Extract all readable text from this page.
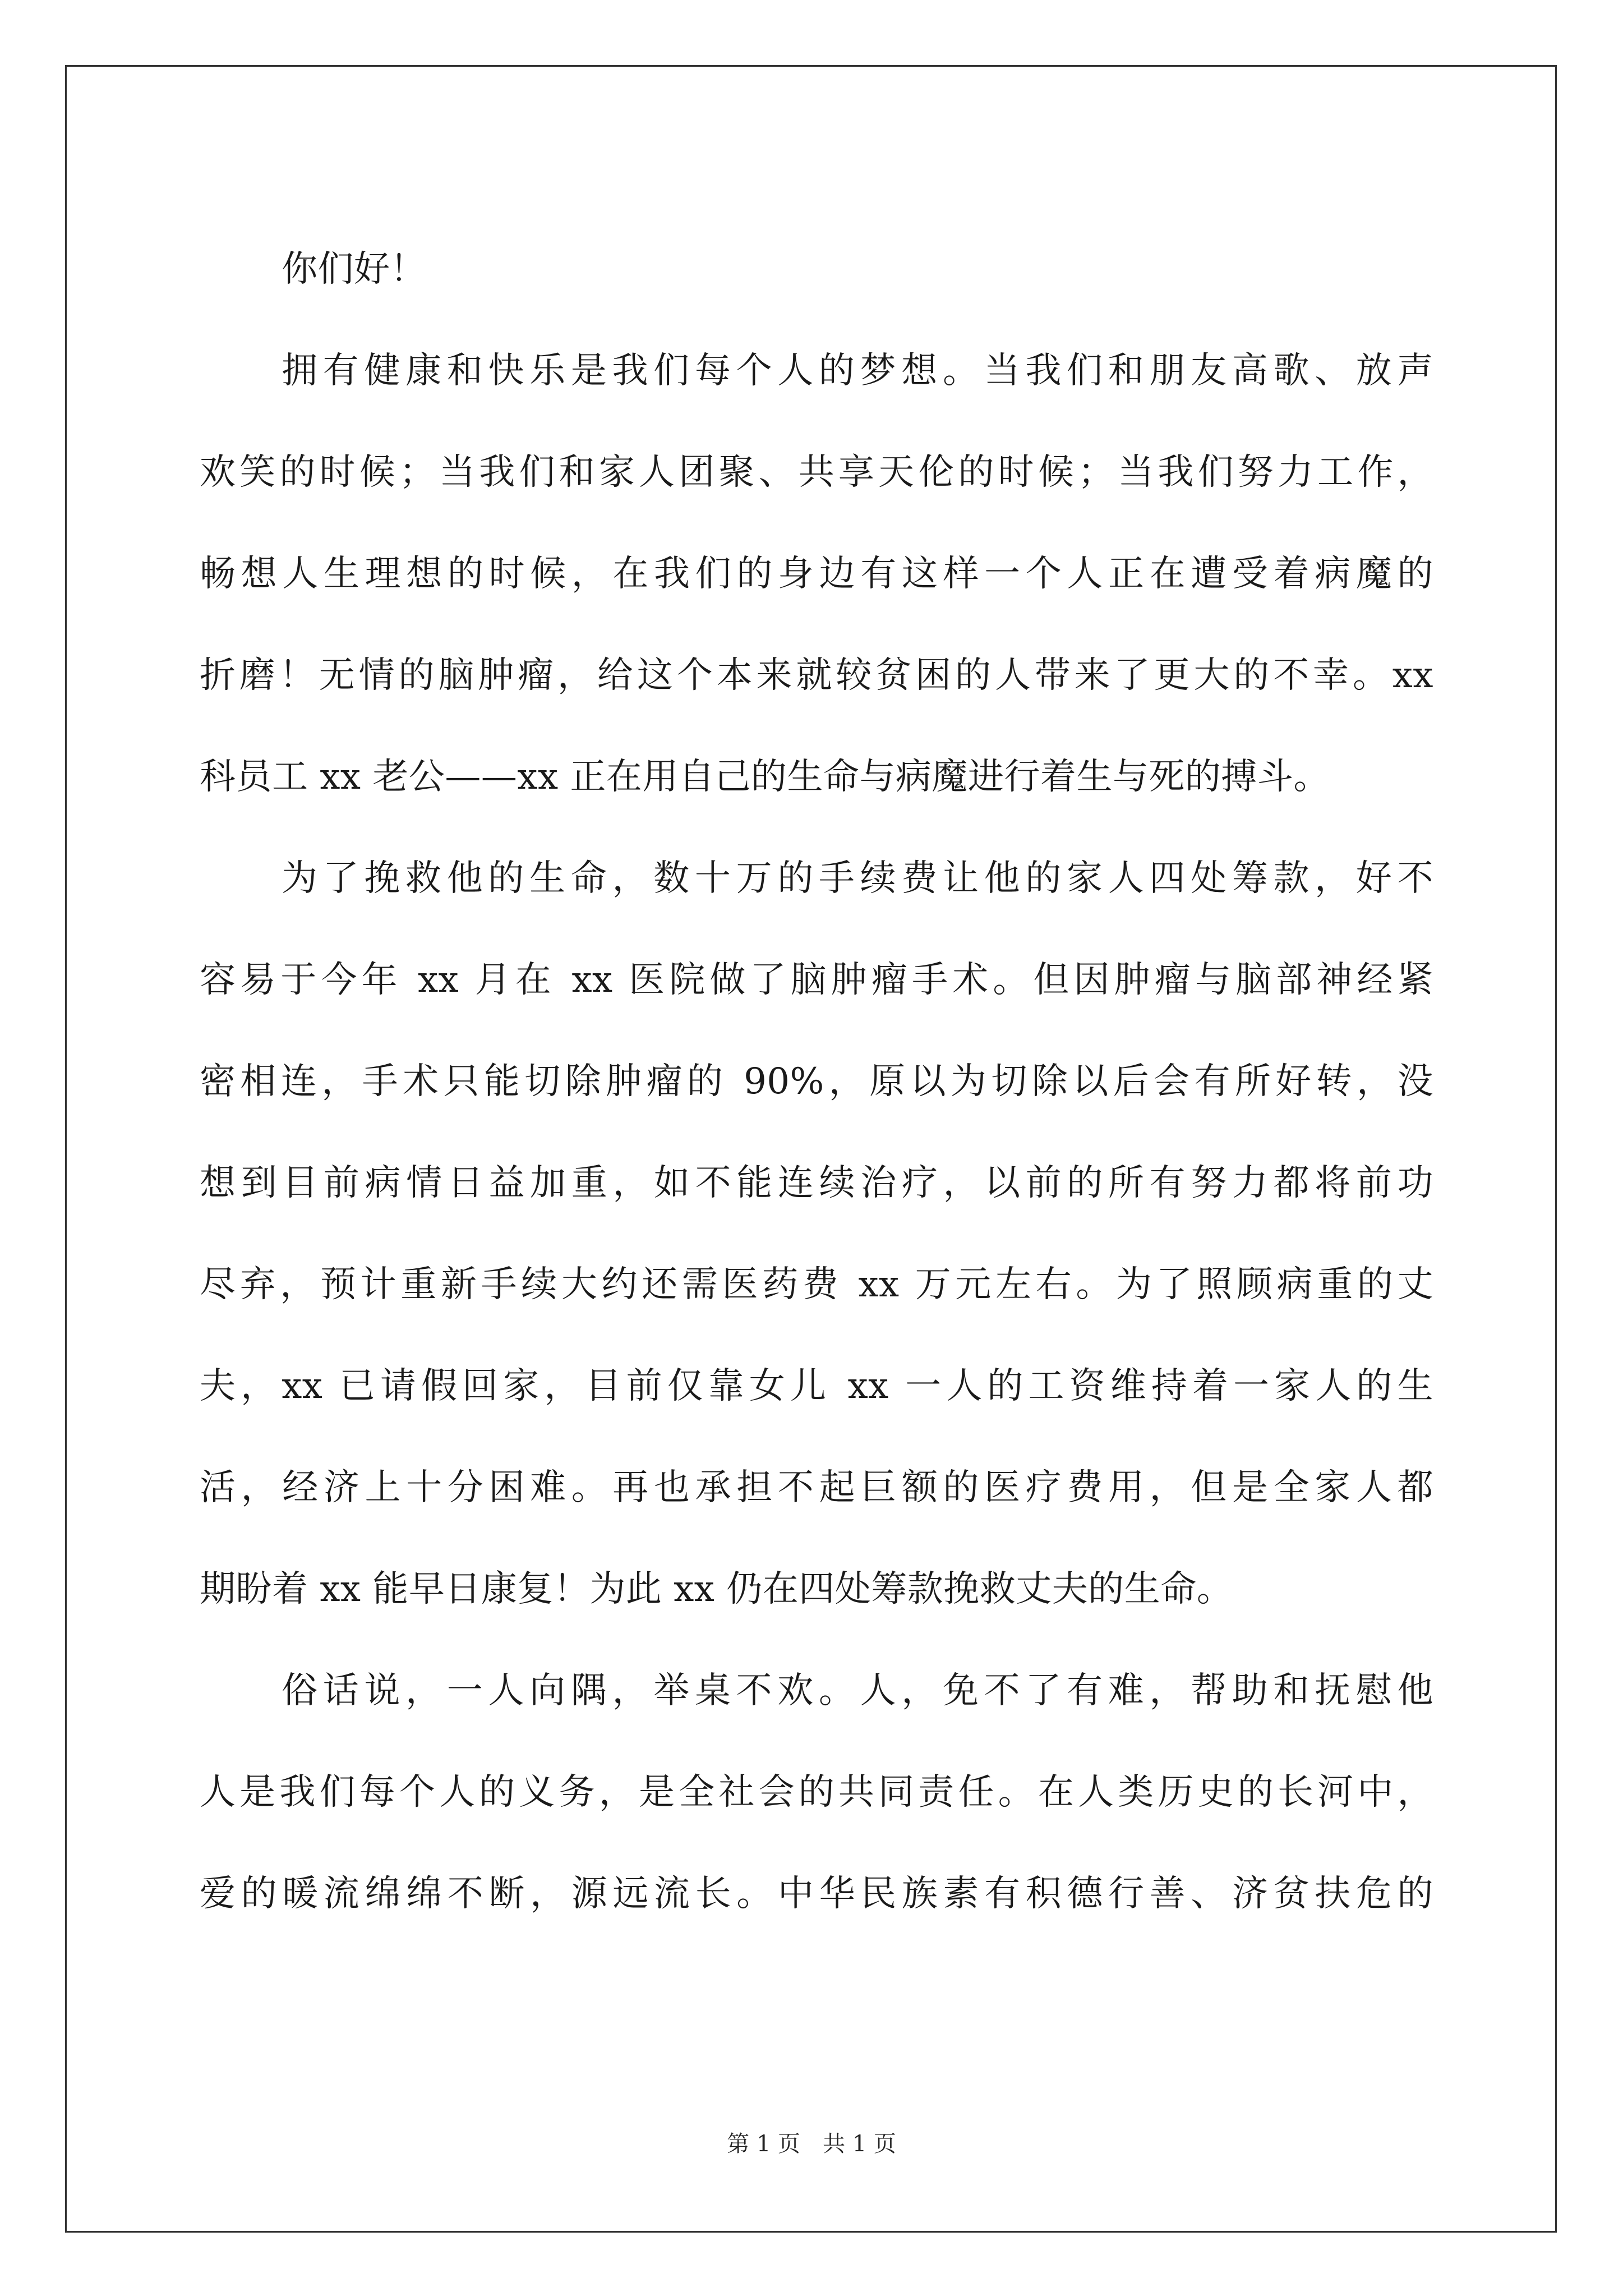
你们好！
拥有健康和快乐是我们每个人的梦想。当我们和朋友高歌、放声
欢笑的时候；当我们和家人团聚、共享天伦的时候；当我们努力工作，
畅想人生理想的时候，在我们的身边有这样一个人正在遭受着病魔的
折磨！无情的脑肿瘤，给这个本来就较贫困的人带来了更大的不幸。xx
科员工 xx 老公——xx 正在用自己的生命与病魔进行着生与死的搏斗。
为了挽救他的生命，数十万的手续费让他的家人四处筹款，好不
容易于今年 xx 月在 xx 医院做了脑肿瘤手术。但因肿瘤与脑部神经紧
密相连，手术只能切除肿瘤的 90%，原以为切除以后会有所好转，没
想到目前病情日益加重，如不能连续治疗，以前的所有努力都将前功
尽弃，预计重新手续大约还需医药费 xx 万元左右。为了照顾病重的丈
夫，xx 已请假回家，目前仅靠女儿 xx 一人的工资维持着一家人的生
活，经济上十分困难。再也承担不起巨额的医疗费用，但是全家人都
期盼着 xx 能早日康复！为此 xx 仍在四处筹款挽救丈夫的生命。
俗话说，一人向隅，举桌不欢。人，免不了有难，帮助和抚慰他
人是我们每个人的义务，是全社会的共同责任。在人类历史的长河中，
爱的暖流绵绵不断，源远流长。中华民族素有积德行善、济贫扶危的
第 1 页　共 1 页
